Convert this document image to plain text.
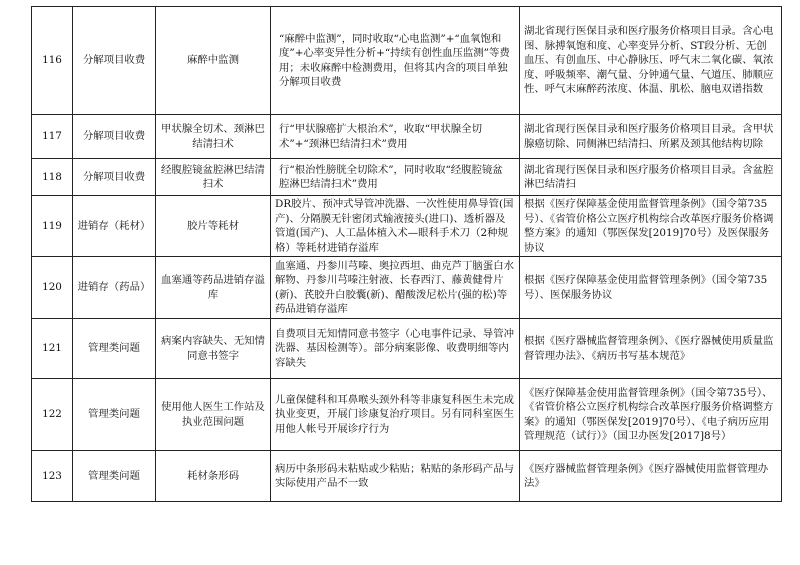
116	分解项目收费	麻醉中监测	“麻醉中监测”，同时收取“心电监测”+“血氧饱和度”+心率变异性分析+“持续有创性血压监测”等费用；未收麻醉中检测费用，但将其内含的项目单独分解项目收费	湖北省现行医保目录和医疗服务价格项目目录。含心电图、脉搏氧饱和度、心率变异分析、ST段分析、无创血压、有创血压、中心静脉压、呼气末二氧化碳、氧浓度、呼吸频率、潮气量、分钟通气量、气道压、肺顺应性、呼气末麻醉药浓度、体温、肌松、脑电双谱指数
117	分解项目收费	甲状腺全切术、颈淋巴结清扫术	行“甲状腺癌扩大根治术”，收取“甲状腺全切术”+“颈淋巴结清扫术”费用	湖北省现行医保目录和医疗服务价格项目目录。含甲状腺癌切除、同侧淋巴结清扫、所累及颈其他结构切除
118	分解项目收费	经腹腔镜盆腔淋巴结清扫术	行“根治性膀胱全切除术”，同时收取“经腹腔镜盆腔淋巴结清扫术”费用	湖北省现行医保目录和医疗服务价格项目目录。含盆腔淋巴结清扫
119	进销存（耗材）	胶片等耗材	DR胶片、预冲式导管冲洗器、一次性使用鼻导管(国产)、分隔膜无针密闭式输液接头(进口)、透析器及管道(国产)、人工晶体植入术—眼科手术刀（2种规格）等耗材进销存溢库	根据《医疗保障基金使用监督管理条例》（国令第735号）、《省管价格公立医疗机构综合改革医疗服务价格调整方案》的通知（鄂医保发[2019]70号）及医保服务协议
120	进销存（药品）	血塞通等药品进销存溢库	血塞通、丹参川芎嗪、奥拉西坦、曲克芦丁脑蛋白水解物、丹参川芎嗪注射液、长春西汀、藤黄健骨片(新)、芪胶升白胶囊(新)、醋酸泼尼松片(强的松)等药品进销存溢库	根据《医疗保障基金使用监督管理条例》（国令第735号）、医保服务协议
121	管理类问题	病案内容缺失、无知情同意书签字	自费项目无知情同意书签字（心电事件记录、导管冲洗器、基因检测等）。部分病案影像、收费明细等内容缺失	根据《医疗器械监督管理条例》、《医疗器械使用质量监督管理办法》、《病历书写基本规范》
122	管理类问题	使用他人医生工作站及执业范围问题	儿童保健科和耳鼻喉头颈外科等非康复科医生未完成执业变更，开展门诊康复治疗项目。另有同科室医生用他人帐号开展诊疗行为	《医疗保障基金使用监督管理条例》（国令第735号）、《省管价格公立医疗机构综合改革医疗服务价格调整方案》的通知（鄂医保发[2019]70号）、《电子病历应用管理规范（试行）》（国卫办医发[2017]8号）
123	管理类问题	耗材条形码	病历中条形码未粘贴或少粘贴；粘贴的条形码产品与实际使用产品不一致	《医疗器械监督管理条例》《医疗器械使用监督管理办法》
